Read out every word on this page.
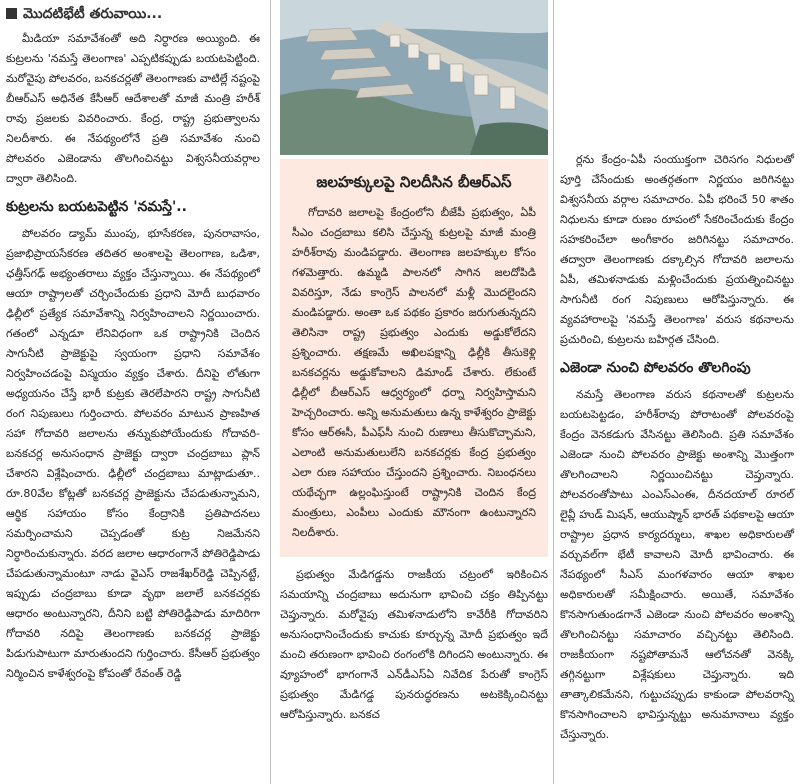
మొదటిభేటీ తరువాయి...

మీడియా సమావేశంతో అది నిర్ధారణ అయ్యింది. ఈ కుట్రలను 'నమస్తే తెలంగాణ' ఎప్పటికప్పుడు బయటపెట్టింది. మరోవైపు పోలవరం, బనకచర్లతో తెలంగాణకు వాటిల్లే నష్టంపై బీఆర్ఎస్ అధినేత కేసీఆర్ ఆదేశాలతో మాజీ మంత్రి హరీశ్ రావు ప్రజలకు వివరించారు. కేంద్ర, రాష్ట్ర ప్రభుత్వాలను నిలదీశారు. ఈ నేపథ్యంలోనే ప్రతి సమావేశం నుంచి పోలవరం ఎజెండాను తొలగించినట్టు విశ్వసనీయవర్గాల ద్వారా తెలిసింది.

కుట్రలను బయటపెట్టిన 'నమస్తే'..

పోలవరం డ్యామ్ ముంపు, భూసేకరణ, పునరావాసం, ప్రజాభిప్రాయసేకరణ తదితర అంశాలపై తెలంగాణ, ఒడిశా, ఛత్తీస్‌గఢ్ అభ్యంతరాలు వ్యక్తం చేస్తున్నాయి. ఈ నేపథ్యంలో ఆయా రాష్ట్రాలతో చర్చించేందుకు ప్రధాని మోదీ బుధవారం ఢిల్లీలో ప్రత్యేక సమావేశాన్ని నిర్వహించాలని నిర్ణయించారు. గతంలో ఎన్నడూ లేనివిధంగా ఒక రాష్ట్రానికి చెందిన సాగునీటి ప్రాజెక్టుపై స్వయంగా ప్రధాని సమావేశం నిర్వహించడంపై విస్మయం వ్యక్తం చేశారు. దీనిపై లోతుగా అధ్యయనం చేస్తే భారీ కుట్రకు తెరలేపారని రాష్ట్ర సాగునీటి రంగ నిపుణులు గుర్తించారు. పోలవరం మాటున ప్రాణహిత సహా గోదావరి జలాలను తన్నుకుపోయేందుకు గోదావరి-బనకచర్ల అనుసంధాన ప్రాజెక్టు ద్వారా చంద్రబాబు ప్లాన్ చేశారని విశ్లేషించారు. ఢిల్లీలో చంద్రబాబు మాట్లాడుతూ.. రూ.80వేల కోట్లతో బనకచర్ల ప్రాజెక్టును చేపడుతున్నామని, ఆర్థిక సహాయం కోసం కేంద్రానికి ప్రతిపాదనలు సమర్పించామని చెప్పడంతో కుట్ర నిజమేనని నిర్ధారించుకున్నారు. వరద జలాల ఆధారంగానే పోతిరెడ్డిపాడు చేపడుతున్నామంటూ నాడు వైఎస్ రాజశేఖర్‌రెడ్డి చెప్పినట్టే, ఇప్పుడు చంద్రబాబు కూడా వృథా జలాలే బనకచర్లకు ఆధారం అంటున్నారని, దీనిని బట్టి పోతిరెడ్డిపాడు మాదిరిగా గోదావరి నదిపై తెలంగాణకు బనకచర్ల ప్రాజెక్టు పిడుగుపాటుగా మారుతుందని గుర్తించారు. కేసీఆర్ ప్రభుత్వం నిర్మించిన కాళేశ్వరంపై కోపంతో రేవంత్ రెడ్డి

జలహక్కులపై నిలదీసిన బీఆర్ఎస్

గోదావరి జలాలపై కేంద్రంలోని బీజేపీ ప్రభుత్వం, ఏపీ సీఎం చంద్రబాబు కలిసి చేస్తున్న కుట్రలపై మాజీ మంత్రి హరీశ్‌రావు మండిపడ్డారు. తెలంగాణ జలహక్కుల కోసం గళమెత్తారు. ఉమ్మడి పాలనలో సాగిన జలదోపిడి వివరిస్తూ, నేడు కాంగ్రెస్ పాలనలో మళ్లీ మొదలైందని మండిపడ్డారు. అంతా ఒక పథకం ప్రకారం జరుగుతున్నదని తెలిసినా రాష్ట్ర ప్రభుత్వం ఎందుకు అడ్డుకోలేదని ప్రశ్నించారు. తక్షణమే అఖిలపక్షాన్ని ఢిల్లీకి తీసుకెళ్లి బనకచర్లను అడ్డుకోవాలని డిమాండ్ చేశారు. లేకుంటే ఢిల్లీలో బీఆర్ఎస్ ఆధ్వర్యంలో ధర్నా నిర్వహిస్తామని హెచ్చరించారు. అన్ని అనుమతులు ఉన్న కాళేశ్వరం ప్రాజెక్టు కోసం ఆర్ఈసీ, పీఎఫ్‌సీ నుంచి రుణాలు తీసుకొచ్చామని, ఎలాంటి అనుమతులులేని బనకచర్లకు కేంద్ర ప్రభుత్వం ఎలా రుణ సహాయం చేస్తుందని ప్రశ్నించారు. నిబంధనలు యథేచ్ఛగా ఉల్లంఘిస్తుంటే రాష్ట్రానికి చెందిన కేంద్ర మంత్రులు, ఎంపీలు ఎందుకు మౌనంగా ఉంటున్నారని నిలదీశారు.

ప్రభుత్వం మేడిగడ్డను రాజకీయ చట్రంలో ఇరికించిన సమయాన్ని చంద్రబాబు అదునుగా భావించి చక్రం తిప్పినట్టు చెప్తున్నారు. మరోవైపు తమిళనాడులోని కావేరీకి గోదావరిని అనుసంధానించేందుకు కాచుకు కూర్చున్న మోదీ ప్రభుత్వం ఇదే మంచి తరుణంగా భావించి రంగంలోకి దిగిందని అంటున్నారు. ఈ వ్యూహంలో భాగంగానే ఎన్‌డీఎస్ఏ నివేదిక పేరుతో కాంగ్రెస్ ప్రభుత్వం మేడిగడ్డ పునరుద్ధరణను అటకెక్కించినట్టు ఆరోపిస్తున్నారు. బనకచ

ర్లను కేంద్రం-ఏపీ సంయుక్తంగా చెరిసగం నిధులతో పూర్తి చేసేందుకు అంతర్గతంగా నిర్ణయం జరిగినట్టు విశ్వసనీయ వర్గాల సమాచారం. ఏపీ భరించే 50 శాతం నిధులను కూడా రుణం రూపంలో సేకరించేందుకు కేంద్రం సహకరించేలా అంగీకారం జరిగినట్టు సమాచారం. తద్వారా తెలంగాణకు దక్కాల్సిన గోదావరి జలాలను ఏపీ, తమిళనాడుకు మళ్లించేందుకు ప్రయత్నించినట్టు సాగునీటి రంగ నిపుణులు ఆరోపిస్తున్నారు. ఈ వ్యవహారాలపై 'నమస్తే తెలంగాణ' వరుస కథనాలను ప్రచురించి, కుట్రలను బహిర్గత చేసింది.

ఎజెండా నుంచి పోలవరం తొలగింపు

నమస్తే తెలంగాణ వరుస కథనాలతో కుట్రలను బయటపెట్టడం, హరీశ్‌రావు పోరాటంతో పోలవరంపై కేంద్రం వెనకడుగు వేసినట్టు తెలిసింది. ప్రతి సమావేశం ఎజెండా నుంచి పోలవరం ప్రాజెక్టు అంశాన్ని మొత్తంగా తొలగించాలని నిర్ణయించినట్టు చెప్తున్నారు. పోలవరంతోపాటు ఎంఎస్ఎంఈ, దీనదయాల్ రూరల్ లైవ్లీ హుడ్ మిషన్, ఆయుష్మాన్ భారత్ పథకాలపై ఆయా రాష్ట్రాల ప్రధాన కార్యదర్శులు, శాఖల అధికారులతో వర్చువల్‌గా భేటీ కావాలని మోదీ భావించారు. ఈ నేపథ్యంలో సీఎస్ మంగళవారం ఆయా శాఖల అధికారులతో సమీక్షించారు. అయితే, సమావేశం కొనసాగుతుండగానే ఎజెండా నుంచి పోలవరం అంశాన్ని తొలగించినట్టు సమాచారం వచ్చినట్టు తెలిసింది. రాజకీయంగా నష్టపోతామనే ఆలోచనతో వెనక్కి తగ్గినట్టుగా విశ్లేషకులు చెప్తున్నారు. ఇది తాత్కాలికమేనని, గుట్టుచప్పుడు కాకుండా పోలవరాన్ని కొనసాగించాలని భావిస్తున్నట్టు అనుమానాలు వ్యక్తం చేస్తున్నారు.
